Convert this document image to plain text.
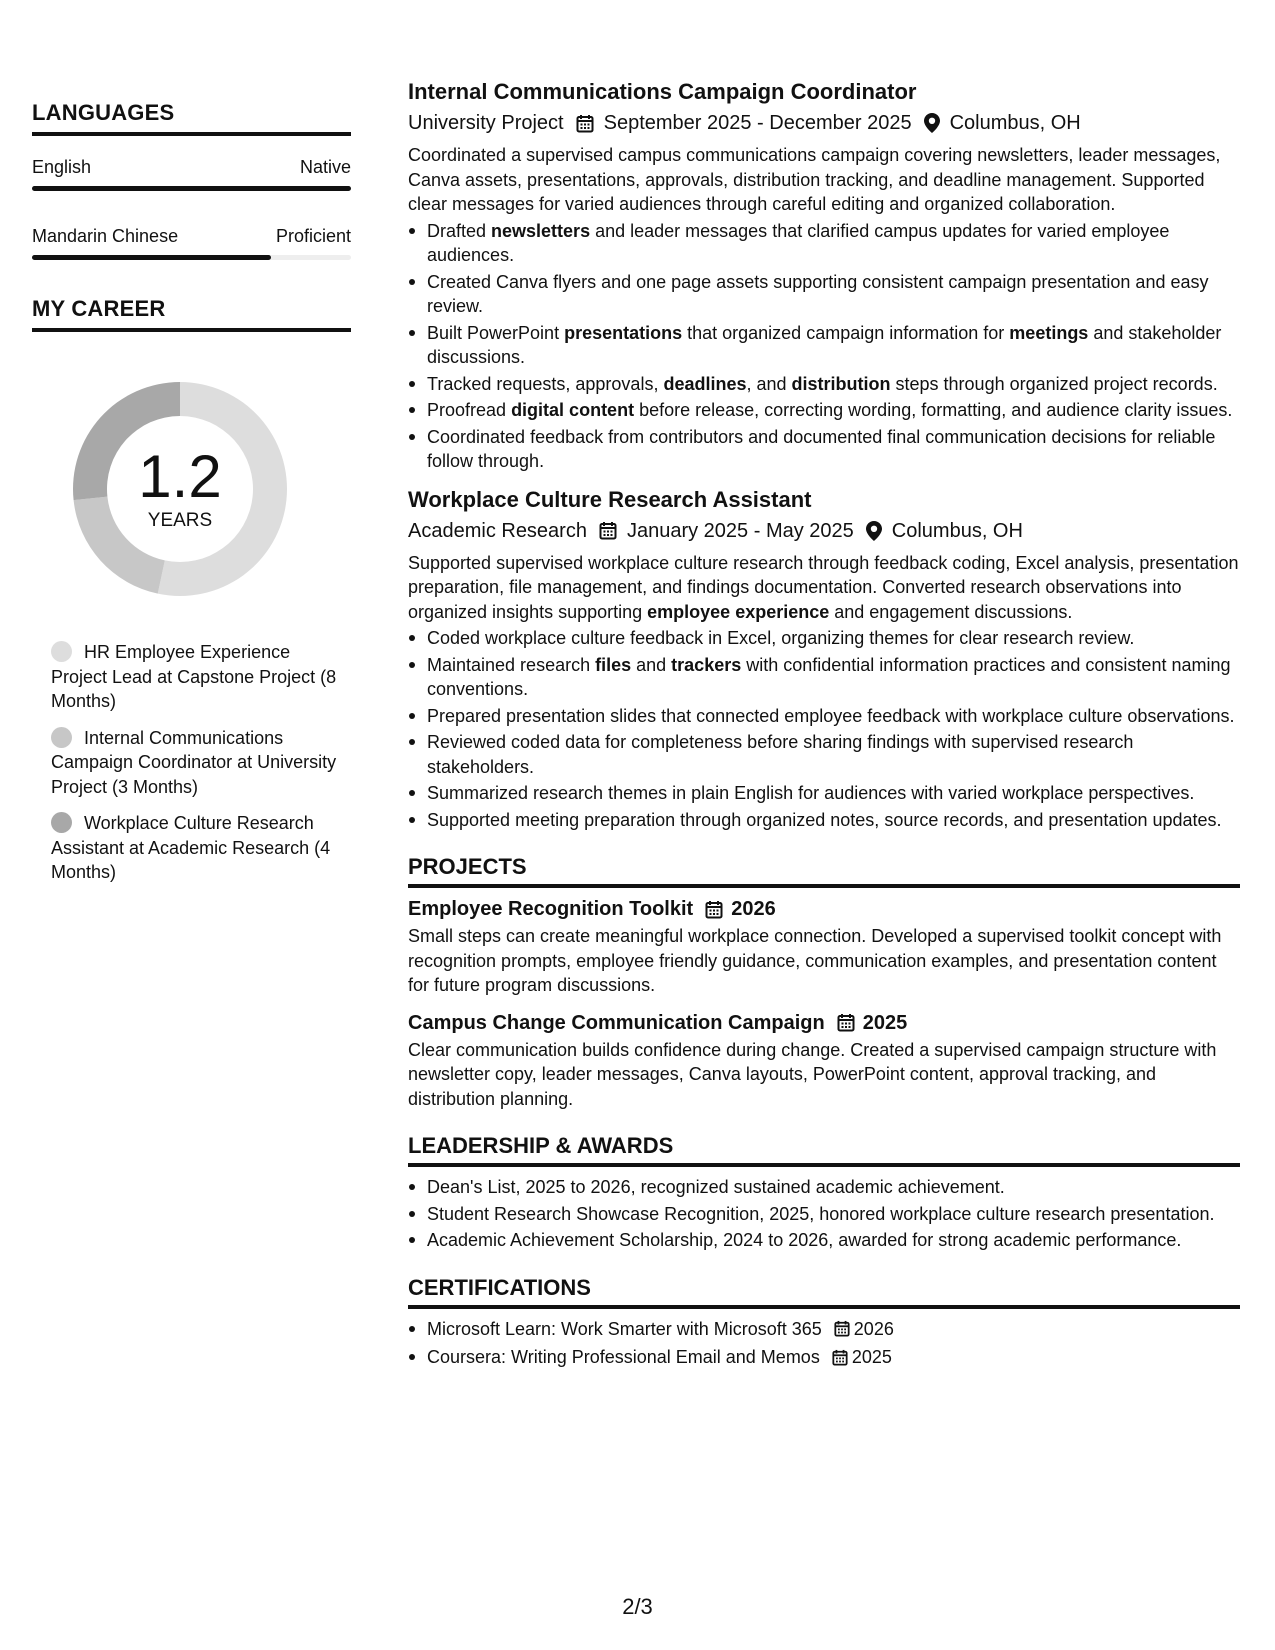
LANGUAGES
English	Native
Mandarin Chinese	Proficient
MY CAREER
1.2
YEARS
HR Employee Experience Project Lead at Capstone Project (8 Months)
Internal Communications Campaign Coordinator at University Project (3 Months)
Workplace Culture Research Assistant at Academic Research (4 Months)
Internal Communications Campaign Coordinator
University Project September 2025 - December 2025 Columbus, OH
Coordinated a supervised campus communications campaign covering newsletters, leader messages, Canva assets, presentations, approvals, distribution tracking, and deadline management. Supported clear messages for varied audiences through careful editing and organized collaboration.
Drafted newsletters and leader messages that clarified campus updates for varied employee audiences.
Created Canva flyers and one page assets supporting consistent campaign presentation and easy review.
Built PowerPoint presentations that organized campaign information for meetings and stakeholder discussions.
Tracked requests, approvals, deadlines, and distribution steps through organized project records.
Proofread digital content before release, correcting wording, formatting, and audience clarity issues.
Coordinated feedback from contributors and documented final communication decisions for reliable follow through.
Workplace Culture Research Assistant
Academic Research January 2025 - May 2025 Columbus, OH
Supported supervised workplace culture research through feedback coding, Excel analysis, presentation preparation, file management, and findings documentation. Converted research observations into organized insights supporting employee experience and engagement discussions.
Coded workplace culture feedback in Excel, organizing themes for clear research review.
Maintained research files and trackers with confidential information practices and consistent naming conventions.
Prepared presentation slides that connected employee feedback with workplace culture observations.
Reviewed coded data for completeness before sharing findings with supervised research stakeholders.
Summarized research themes in plain English for audiences with varied workplace perspectives.
Supported meeting preparation through organized notes, source records, and presentation updates.
PROJECTS
Employee Recognition Toolkit 2026
Small steps can create meaningful workplace connection. Developed a supervised toolkit concept with recognition prompts, employee friendly guidance, communication examples, and presentation content for future program discussions.
Campus Change Communication Campaign 2025
Clear communication builds confidence during change. Created a supervised campaign structure with newsletter copy, leader messages, Canva layouts, PowerPoint content, approval tracking, and distribution planning.
LEADERSHIP & AWARDS
Dean's List, 2025 to 2026, recognized sustained academic achievement.
Student Research Showcase Recognition, 2025, honored workplace culture research presentation.
Academic Achievement Scholarship, 2024 to 2026, awarded for strong academic performance.
CERTIFICATIONS
Microsoft Learn: Work Smarter with Microsoft 365 2026
Coursera: Writing Professional Email and Memos 2025
2/3
